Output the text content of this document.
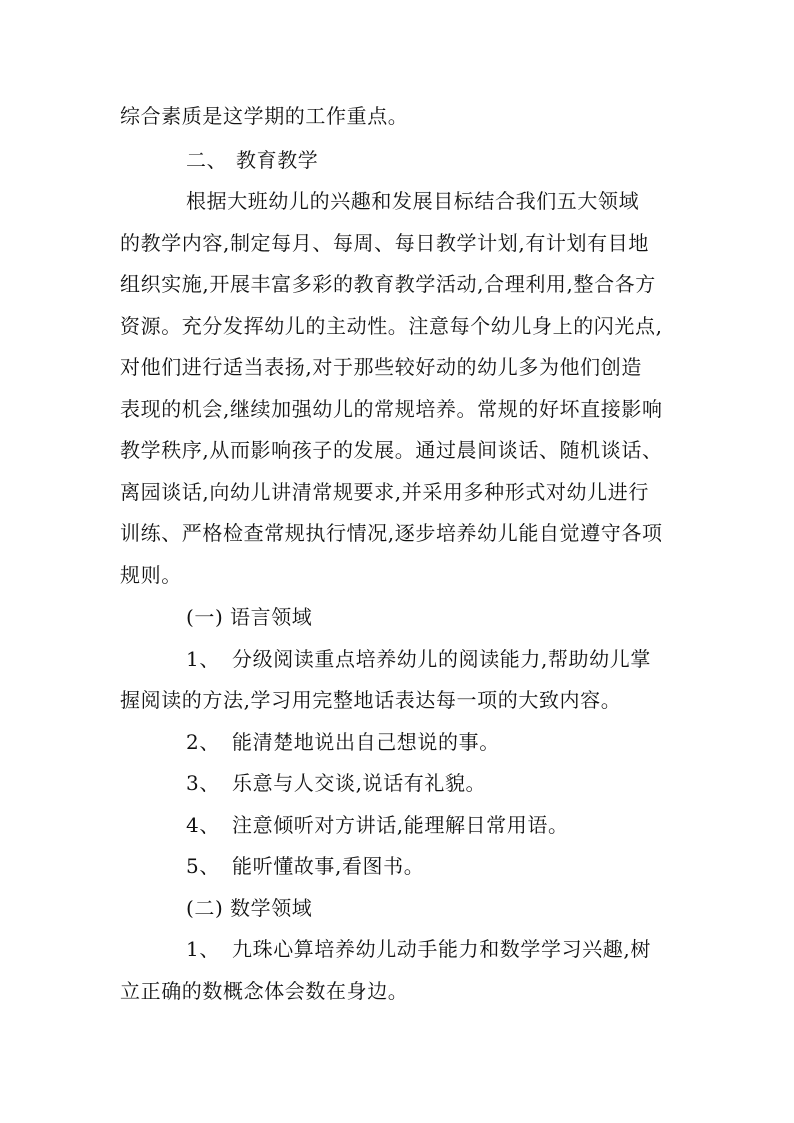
综合素质是这学期的工作重点。
二、 教育教学
根据大班幼儿的兴趣和发展目标结合我们五大领域
的教学内容,制定每月、每周、每日教学计划,有计划有目地
组织实施,开展丰富多彩的教育教学活动,合理利用,整合各方
资源。充分发挥幼儿的主动性。注意每个幼儿身上的闪光点,
对他们进行适当表扬,对于那些较好动的幼儿多为他们创造
表现的机会,继续加强幼儿的常规培养。常规的好坏直接影响
教学秩序,从而影响孩子的发展。通过晨间谈话、随机谈话、
离园谈话,向幼儿讲清常规要求,并采用多种形式对幼儿进行
训练、严格检查常规执行情况,逐步培养幼儿能自觉遵守各项
规则。
(一) 语言领域
1、 分级阅读重点培养幼儿的阅读能力,帮助幼儿掌
握阅读的方法,学习用完整地话表达每一项的大致内容。
2、 能清楚地说出自己想说的事。
3、 乐意与人交谈,说话有礼貌。
4、 注意倾听对方讲话,能理解日常用语。
5、 能听懂故事,看图书。
(二) 数学领域
1、 九珠心算培养幼儿动手能力和数学学习兴趣,树
立正确的数概念体会数在身边。
